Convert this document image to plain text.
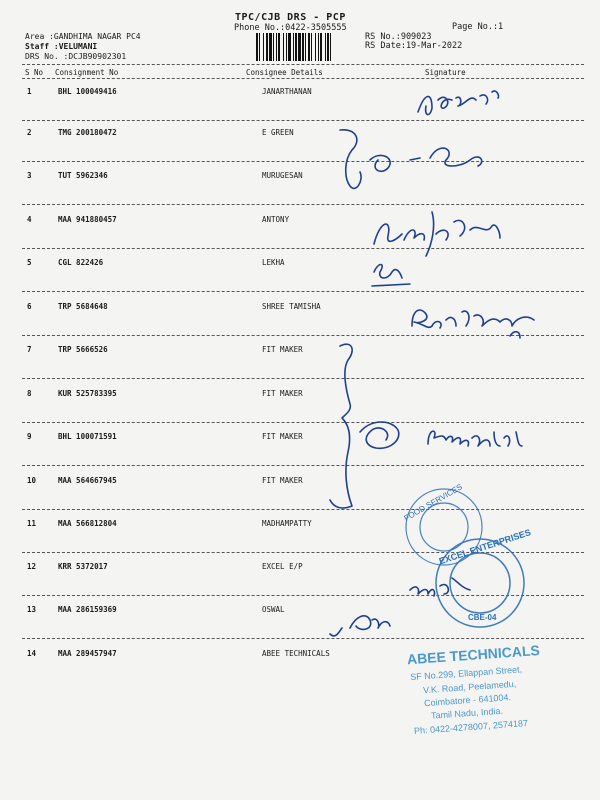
TPC/CJB DRS - PCP
Phone No.:0422-3505555	Page No.:1
Area :GANDHIMA NAGAR PC4
Staff :VELUMANI
DRS No. :DCJB90902301
RS No.:909023
RS Date:19-Mar-2022
S No Consignment No	Consignee Details	Signature
1	BHL 100049416	JANARTHANAN
2	TMG 200180472	E GREEN
3	TUT 5962346	MURUGESAN
4	MAA 941880457	ANTONY
5	CGL 822426	LEKHA
6	TRP 5684648	SHREE TAMISHA
7	TRP 5666526	FIT MAKER
8	KUR 525783395	FIT MAKER
9	BHL 100071591	FIT MAKER
10	MAA 564667945	FIT MAKER
11	MAA 566812804	MADHAMPATTY
12	KRR 5372017	EXCEL E/P
13	MAA 286159369	OSWAL
14	MAA 289457947	ABEE TECHNICALS
FOOD SERVICES
EXCEL ENTERPRISES
CBE-04
ABEE TECHNICALS
SF No.299, Ellappan Street,
V.K. Road, Peelamedu,
Coimbatore - 641004.
Tamil Nadu, India.
Ph: 0422-4278007, 2574187
